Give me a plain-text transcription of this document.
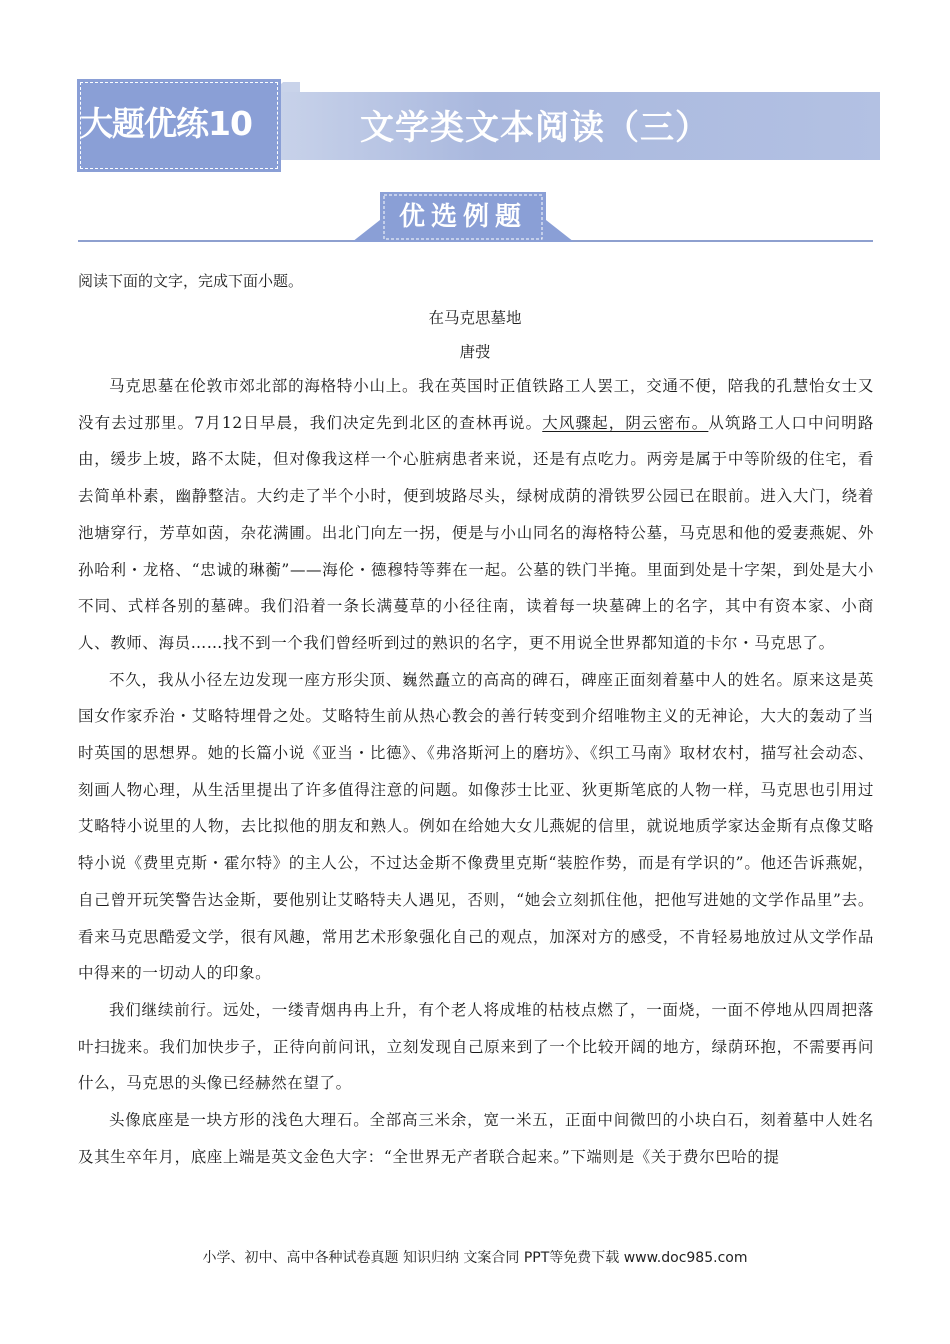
大题优练10	文学类文本阅读（三）
优选例题
阅读下面的文字，完成下面小题。
在马克思墓地
唐弢

马克思墓在伦敦市郊北部的海格特小山上。我在英国时正值铁路工人罢工，交通不便，陪我的孔慧怡女士又没有去过那里。7月12日早晨，我们决定先到北区的查林再说。大风骤起，阴云密布。从筑路工人口中问明路由，缓步上坡，路不太陡，但对像我这样一个心脏病患者来说，还是有点吃力。两旁是属于中等阶级的住宅，看去简单朴素，幽静整洁。大约走了半个小时，便到坡路尽头，绿树成荫的滑铁罗公园已在眼前。进入大门，绕着池塘穿行，芳草如茵，杂花满圃。出北门向左一拐，便是与小山同名的海格特公墓，马克思和他的爱妻燕妮、外孙哈利・龙格、“忠诚的琳蘅”——海伦・德穆特等葬在一起。公墓的铁门半掩。里面到处是十字架，到处是大小不同、式样各别的墓碑。我们沿着一条长满蔓草的小径往南，读着每一块墓碑上的名字，其中有资本家、小商人、教师、海员……找不到一个我们曾经听到过的熟识的名字，更不用说全世界都知道的卡尔・马克思了。

不久，我从小径左边发现一座方形尖顶、巍然矗立的高高的碑石，碑座正面刻着墓中人的姓名。原来这是英国女作家乔治・艾略特埋骨之处。艾略特生前从热心教会的善行转变到介绍唯物主义的无神论，大大的轰动了当时英国的思想界。她的长篇小说《亚当・比德》、《弗洛斯河上的磨坊》、《织工马南》取材农村，描写社会动态、刻画人物心理，从生活里提出了许多值得注意的问题。如像莎士比亚、狄更斯笔底的人物一样，马克思也引用过艾略特小说里的人物，去比拟他的朋友和熟人。例如在给她大女儿燕妮的信里，就说地质学家达金斯有点像艾略特小说《费里克斯・霍尔特》的主人公，不过达金斯不像费里克斯“装腔作势，而是有学识的”。他还告诉燕妮，自己曾开玩笑警告达金斯，要他别让艾略特夫人遇见，否则，“她会立刻抓住他，把他写进她的文学作品里”去。看来马克思酷爱文学，很有风趣，常用艺术形象强化自己的观点，加深对方的感受，不肯轻易地放过从文学作品中得来的一切动人的印象。

我们继续前行。远处，一缕青烟冉冉上升，有个老人将成堆的枯枝点燃了，一面烧，一面不停地从四周把落叶扫拢来。我们加快步子，正待向前问讯，立刻发现自己原来到了一个比较开阔的地方，绿荫环抱，不需要再问什么，马克思的头像已经赫然在望了。

头像底座是一块方形的浅色大理石。全部高三米余，宽一米五，正面中间微凹的小块白石，刻着墓中人姓名及其生卒年月，底座上端是英文金色大字：“全世界无产者联合起来。”下端则是《关于费尔巴哈的提

小学、初中、高中各种试卷真题 知识归纳 文案合同 PPT等免费下载 www.doc985.com
